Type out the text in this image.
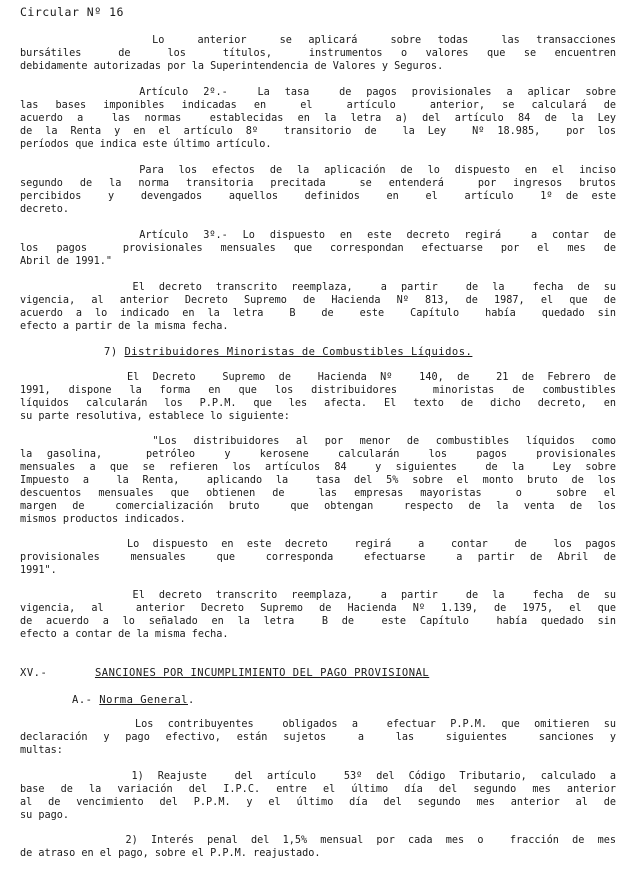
Circular Nº 16
Lo  anterior  se aplicará  sobre todas  las transacciones
bursátiles  de  los  títulos,  instrumentos o valores que se encuentren
debidamente autorizadas por la Superintendencia de Valores y Seguros.
Artículo 2º.-  La tasa  de pagos provisionales a aplicar sobre
las bases imponibles indicadas en  el  artículo  anterior, se calculará de
acuerdo a  las normas  establecidas en la letra a) del artículo 84 de la Ley
de la Renta y en el artículo 8º  transitorio de  la Ley  Nº 18.985,  por los
períodos que indica este último artículo.
Para los efectos de la aplicación de lo dispuesto en el inciso
segundo de la norma transitoria precitada  se entenderá  por ingresos brutos
percibidos  y  devengados  aquellos  definidos  en  el  artículo  1º de este
decreto.
Artículo 3º.- Lo dispuesto en este decreto regirá  a contar de
los pagos  provisionales mensuales que correspondan efectuarse por el mes de
Abril de 1991."
El decreto transcrito reemplaza,  a partir  de la  fecha de su
vigencia, al anterior Decreto Supremo de Hacienda Nº 813, de 1987, el que de
acuerdo a lo indicado en la letra  B  de  este  Capítulo  había  quedado sin
efecto a partir de la misma fecha.
7) Distribuidores Minoristas de Combustibles Líquidos.
El Decreto  Supremo de  Hacienda Nº  140, de  21 de Febrero de
1991, dispone la forma en que los distribuidores  minoristas de combustibles
líquidos calcularán los P.P.M. que les afecta. El texto de dicho decreto, en
su parte resolutiva, establece lo siguiente:
"Los distribuidores al por menor de combustibles líquidos como
la gasolina,   petróleo  y  kerosene  calcularán  los  pagos  provisionales
mensuales a que se refieren los artículos 84  y siguientes  de la  Ley sobre
Impuesto a  la Renta,  aplicando la  tasa del 5% sobre el monto bruto de los
descuentos mensuales que obtienen de  las empresas mayoristas  o  sobre el
margen de  comercialización bruto  que obtengan  respecto de la venta de los
mismos productos indicados.
Lo dispuesto en este decreto  regirá  a  contar  de  los pagos
provisionales  mensuales  que  corresponda  efectuarse  a partir de Abril de
1991".
El decreto transcrito reemplaza,  a partir  de la  fecha de su
vigencia, al  anterior Decreto Supremo de Hacienda Nº 1.139, de 1975, el que
de acuerdo a lo señalado en la letra  B de  este Capítulo  había quedado sin
efecto a contar de la misma fecha.
XV.-	SANCIONES POR INCUMPLIMIENTO DEL PAGO PROVISIONAL
A.- Norma General.
Los contribuyentes  obligados a  efectuar P.P.M. que omitieren su
declaración y pago efectivo, están sujetos  a  las  siguientes  sanciones y
multas:
1) Reajuste  del artículo  53º del Código Tributario, calculado a
base de la variación del I.P.C. entre el último día del segundo mes anterior
al de vencimiento del P.P.M. y el último día del segundo mes anterior al de
su pago.
2) Interés penal del 1,5% mensual por cada mes o  fracción de mes
de atraso en el pago, sobre el P.P.M. reajustado.
